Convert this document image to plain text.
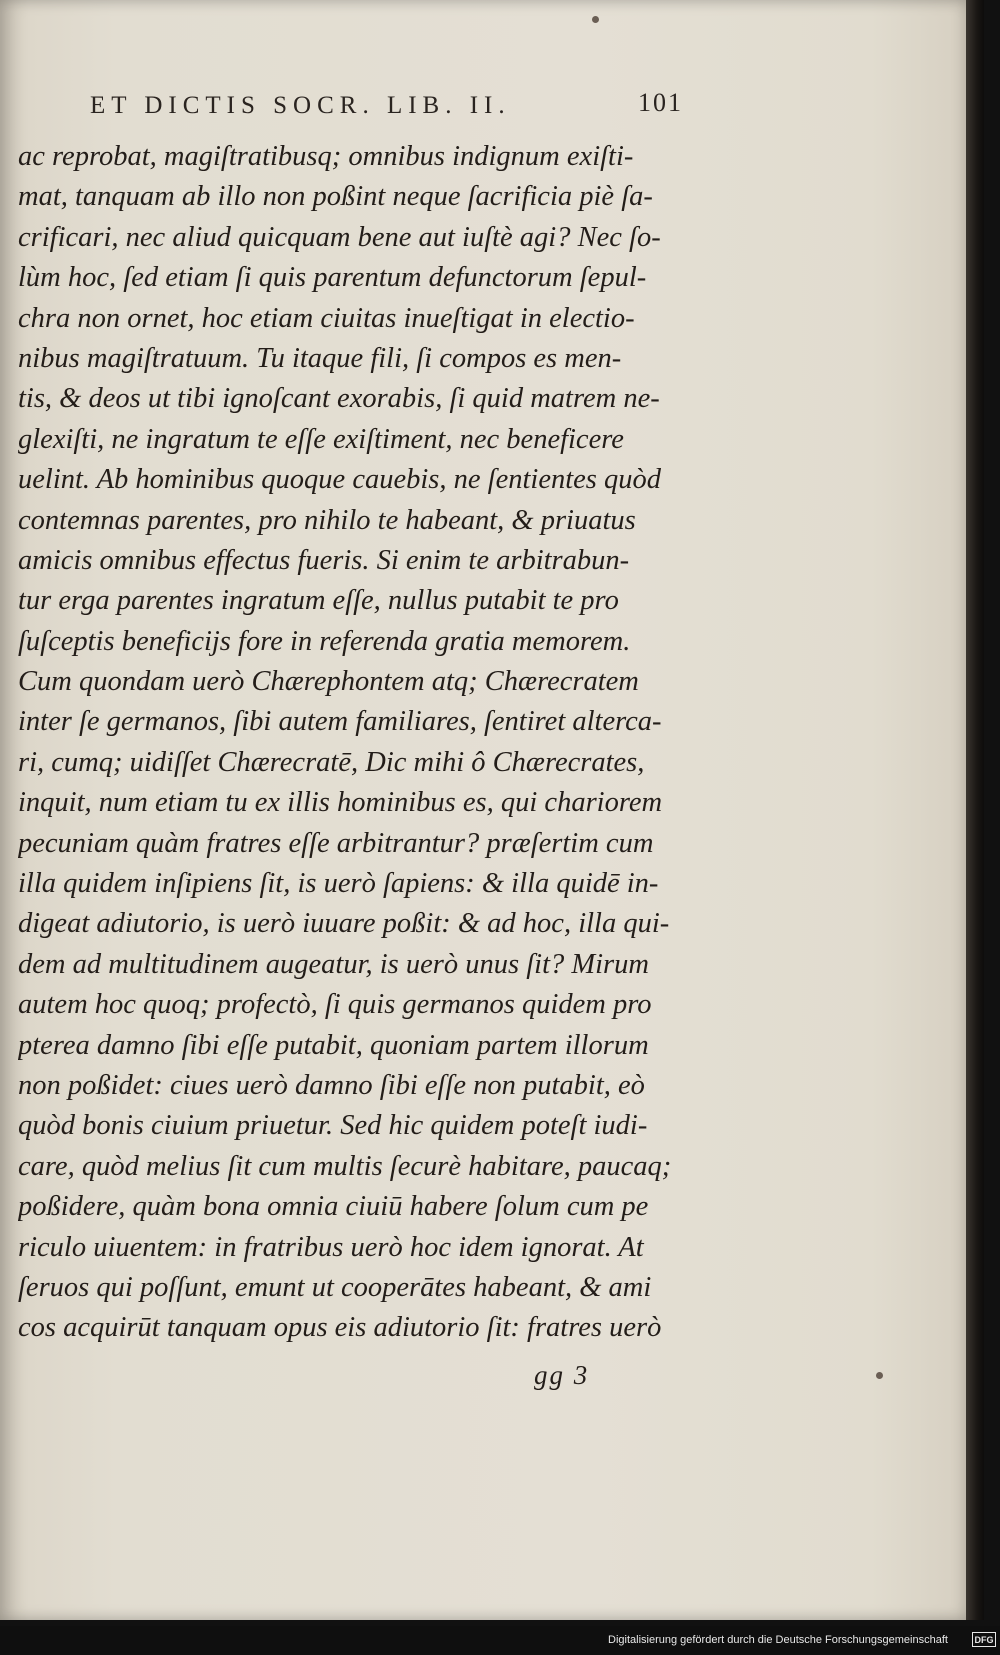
ET DICTIS SOCR. LIB. II.	101
ac reprobat, magiſtratibusq; omnibus indignum exiſti-
mat, tanquam ab illo non poßint neque ſacrificia piè ſa-
crificari, nec aliud quicquam bene aut iuſtè agi? Nec ſo-
lùm hoc, ſed etiam ſi quis parentum defunctorum ſepul-
chra non ornet, hoc etiam ciuitas inueſtigat in electio-
nibus magiſtratuum. Tu itaque fili, ſi compos es men-
tis, & deos ut tibi ignoſcant exorabis, ſi quid matrem ne-
glexiſti, ne ingratum te eſſe exiſtiment, nec beneficere
uelint. Ab hominibus quoque cauebis, ne ſentientes quòd
contemnas parentes, pro nihilo te habeant, & priuatus
amicis omnibus effectus fueris. Si enim te arbitrabun-
tur erga parentes ingratum eſſe, nullus putabit te pro
ſuſceptis beneficijs fore in referenda gratia memorem.
Cum quondam uerò Chærephontem atq; Chærecratem
inter ſe germanos, ſibi autem familiares, ſentiret alterca-
ri, cumq; uidiſſet Chærecratē, Dic mihi ô Chærecrates,
inquit, num etiam tu ex illis hominibus es, qui chariorem
pecuniam quàm fratres eſſe arbitrantur? præſertim cum
illa quidem inſipiens ſit, is uerò ſapiens: & illa quidē in-
digeat adiutorio, is uerò iuuare poßit: & ad hoc, illa qui-
dem ad multitudinem augeatur, is uerò unus ſit? Mirum
autem hoc quoq; profectò, ſi quis germanos quidem pro
pterea damno ſibi eſſe putabit, quoniam partem illorum
non poßidet: ciues uerò damno ſibi eſſe non putabit, eò
quòd bonis ciuium priuetur. Sed hic quidem poteſt iudi-
care, quòd melius ſit cum multis ſecurè habitare, paucaq;
poßidere, quàm bona omnia ciuiū habere ſolum cum pe
riculo uiuentem: in fratribus uerò hoc idem ignorat. At
ſeruos qui poſſunt, emunt ut cooperātes habeant, & ami
cos acquirūt tanquam opus eis adiutorio ſit: fratres uerò
gg 3
Digitalisierung gefördert durch die Deutsche Forschungsgemeinschaft	DFG
